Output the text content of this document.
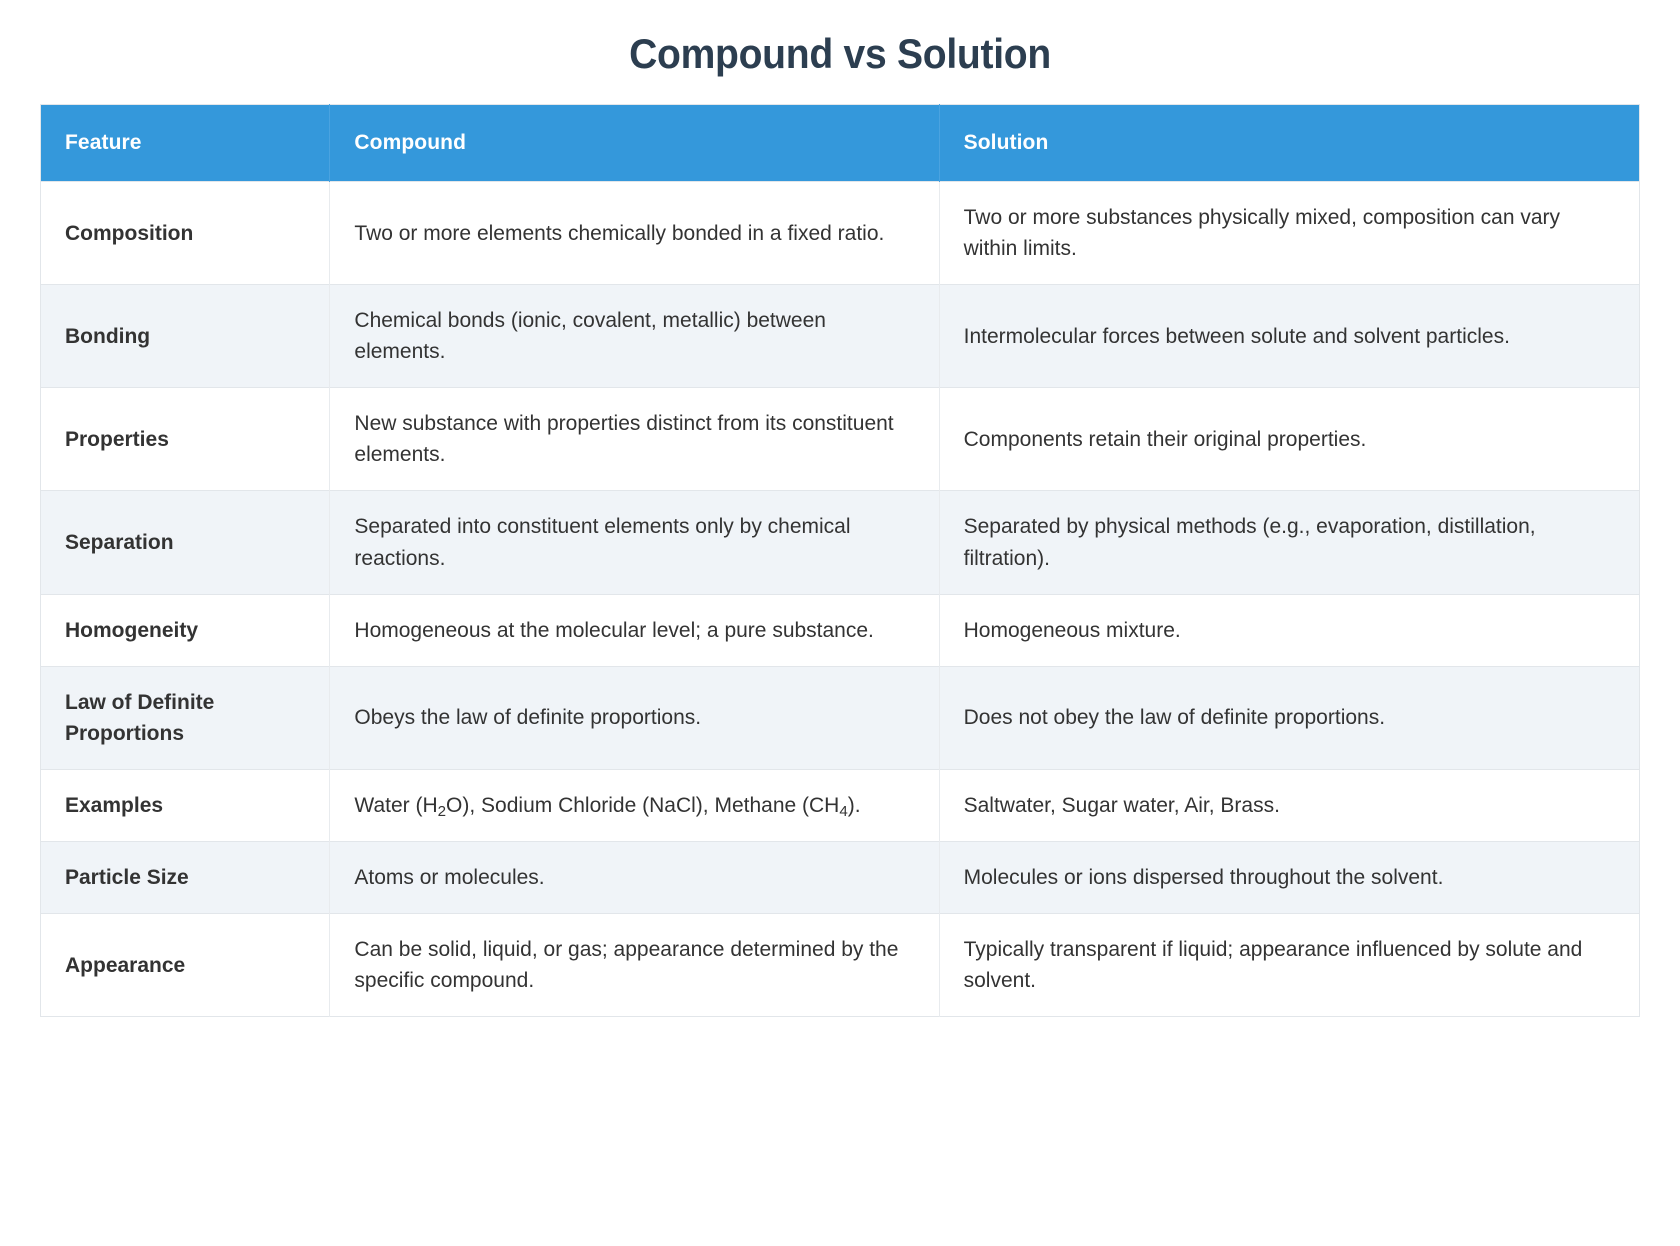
Compound vs Solution
Feature	Compound	Solution
Composition	Two or more elements chemically bonded in a fixed ratio.	Two or more substances physically mixed, composition can vary within limits.
Bonding	Chemical bonds (ionic, covalent, metallic) between elements.	Intermolecular forces between solute and solvent particles.
Properties	New substance with properties distinct from its constituent elements.	Components retain their original properties.
Separation	Separated into constituent elements only by chemical reactions.	Separated by physical methods (e.g., evaporation, distillation, filtration).
Homogeneity	Homogeneous at the molecular level; a pure substance.	Homogeneous mixture.
Law of Definite Proportions	Obeys the law of definite proportions.	Does not obey the law of definite proportions.
Examples	Water $(H_2O)$, Sodium Chloride (NaCl), Methane $(CH_4)$.	Saltwater, Sugar water, Air, Brass.
Particle Size	Atoms or molecules.	Molecules or ions dispersed throughout the solvent.
Appearance	Can be solid, liquid, or gas; appearance determined by the specific compound.	Typically transparent if liquid; appearance influenced by solute and solvent.
